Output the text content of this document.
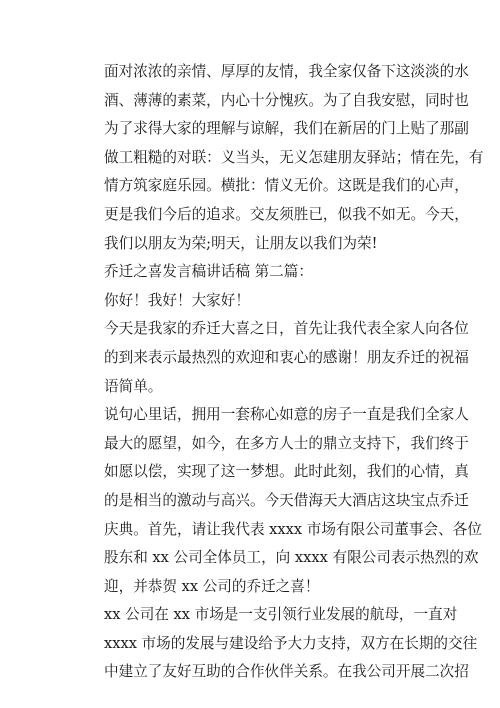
面对浓浓的亲情、厚厚的友情，我全家仅备下这淡淡的水
酒、薄薄的素菜，内心十分愧疚。为了自我安慰，同时也
为了求得大家的理解与谅解，我们在新居的门上贴了那副
做工粗糙的对联：义当头，无义怎建朋友驿站；情在先，有
情方筑家庭乐园。横批：情义无价。这既是我们的心声，
更是我们今后的追求。交友须胜已，似我不如无。今天，
我们以朋友为荣;明天，让朋友以我们为荣!
乔迁之喜发言稿讲话稿 第二篇：
你好！我好！大家好！
今天是我家的乔迁大喜之日，首先让我代表全家人向各位
的到来表示最热烈的欢迎和衷心的感谢！朋友乔迁的祝福
语简单。
说句心里话，拥用一套称心如意的房子一直是我们全家人
最大的愿望，如今，在多方人士的鼎立支持下，我们终于
如愿以偿，实现了这一梦想。此时此刻，我们的心情，真
的是相当的激动与高兴。今天借海天大酒店这块宝点乔迁
庆典。首先，请让我代表 xxxx 市场有限公司董事会、各位
股东和 xx 公司全体员工，向 xxxx 有限公司表示热烈的欢
迎，并恭贺 xx 公司的乔迁之喜！
xx 公司在 xx 市场是一支引领行业发展的航母，一直对
xxxx 市场的发展与建设给予大力支持，双方在长期的交往
中建立了友好互助的合作伙伴关系。在我公司开展二次招
